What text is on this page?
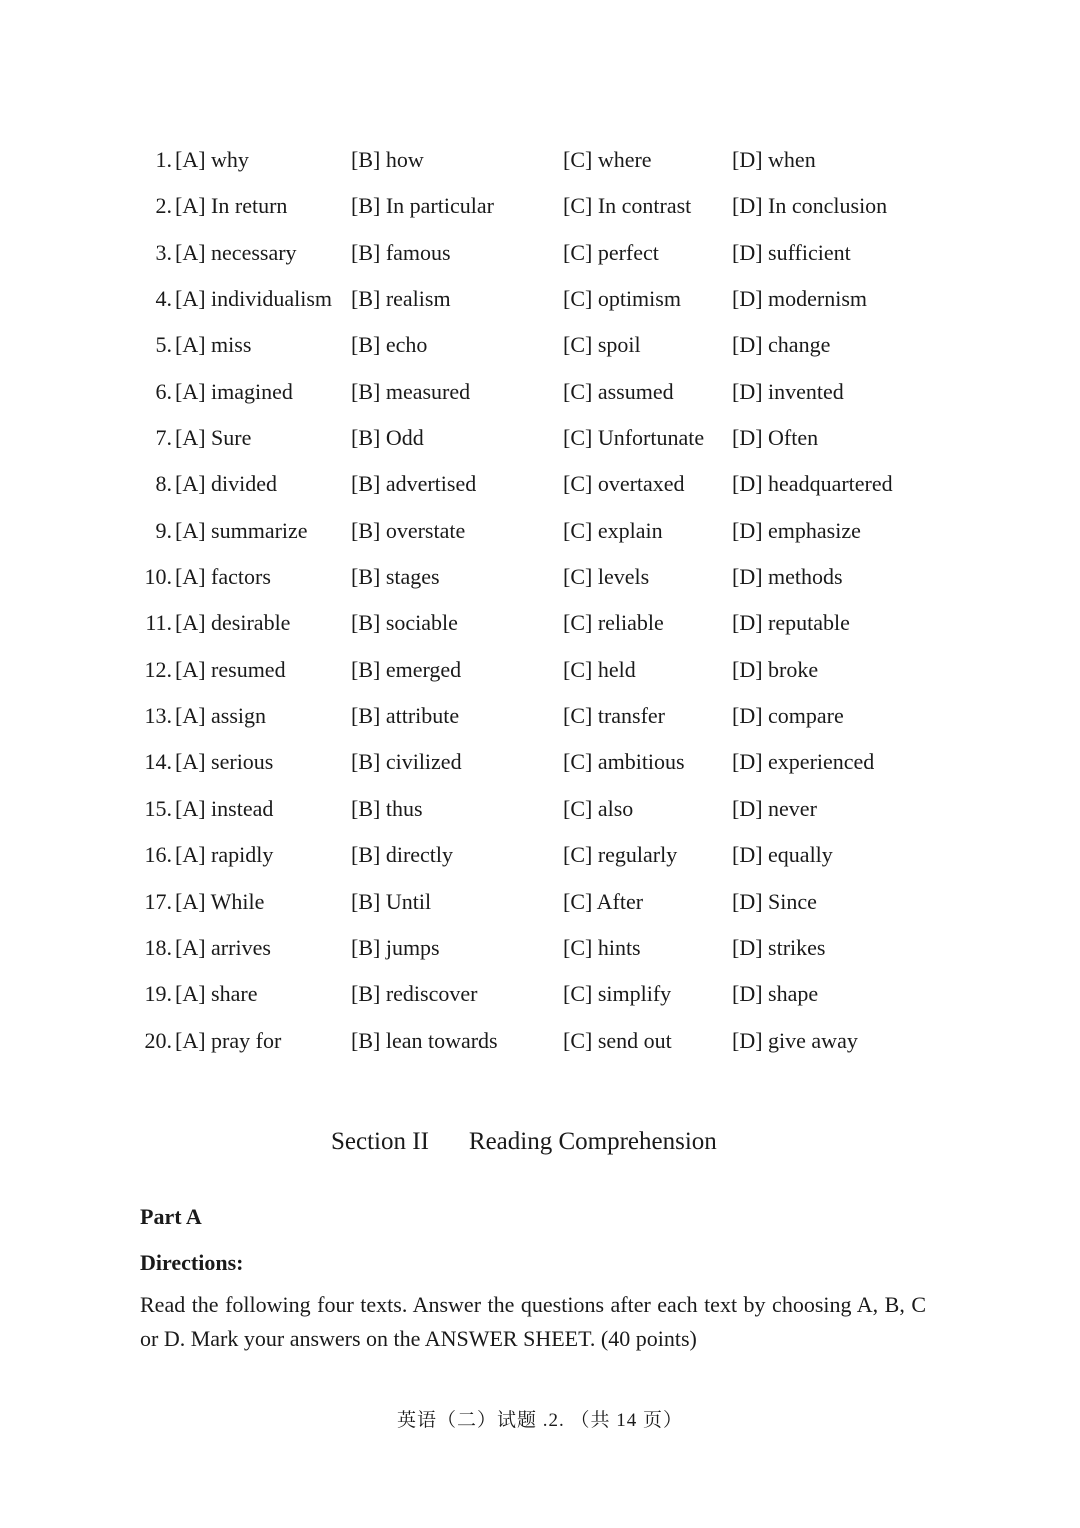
1. [A] why	[B] how	[C] where	[D] when
2. [A] In return	[B] In particular	[C] In contrast [D] In conclusion
3. [A] necessary [B] famous	[C] perfect	[D] sufficient
4. [A] individualism [B] realism	[C] optimism [D] modernism
5. [A] miss	[B] echo	[C] spoil	[D] change
6. [A] imagined	[B] measured	[C] assumed	[D] invented
7. [A] Sure	[B] Odd	[C] Unfortunate [D] Often
8. [A] divided	[B] advertised	[C] overtaxed [D] headquartered
9. [A] summarize [B] overstate	[C] explain	[D] emphasize
10. [A] factors	[B] stages	[C] levels	[D] methods
11. [A] desirable	[B] sociable	[C] reliable	[D] reputable
12. [A] resumed	[B] emerged	[C] held	[D] broke
13. [A] assign	[B] attribute	[C] transfer	[D] compare
14. [A] serious	[B] civilized	[C] ambitious [D] experienced
15. [A] instead	[B] thus	[C] also	[D] never
16. [A] rapidly	[B] directly	[C] regularly [D] equally
17. [A] While	[B] Until	[C] After	[D] Since
18. [A] arrives	[B] jumps	[C] hints	[D] strikes
19. [A] share	[B] rediscover	[C] simplify	[D] shape
20. [A] pray for	[B] lean towards	[C] send out	[D] give away
Section II Reading Comprehension
Part A
Directions:
Read the following four texts. Answer the questions after each text by choosing A, B, C or D. Mark your answers on the ANSWER SHEET. (40 points)
英语（二）试题 .2. （共 14 页）
